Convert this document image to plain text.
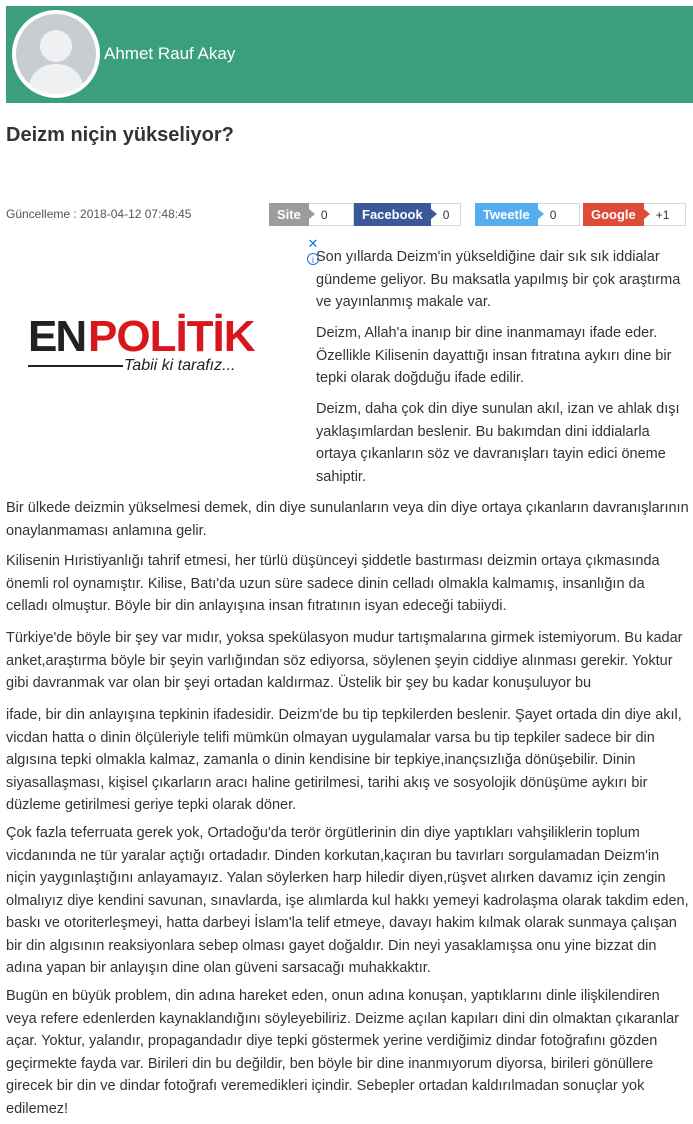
Ahmet Rauf Akay
Deizm niçin yükseliyor?
Güncelleme : 2018-04-12 07:48:45	Site	0	Facebook	0	Tweetle	0	Google	+1
✕
i
EN POLİTİK
Tabii ki tarafız...

Son yıllarda Deizm'in yükseldiğine dair sık sık iddialar gündeme geliyor. Bu maksatla yapılmış bir çok araştırma ve yayınlanmış makale var.

Deizm, Allah'a inanıp bir dine inanmamayı ifade eder. Özellikle Kilisenin dayattığı insan fıtratına aykırı dine bir tepki olarak doğduğu ifade edilir.

Deizm, daha çok din diye sunulan akıl, izan ve ahlak dışı yaklaşımlardan beslenir. Bu bakımdan dini iddialarla ortaya çıkanların söz ve davranışları tayin edici öneme sahiptir.

Bir ülkede deizmin yükselmesi demek, din diye sunulanların veya din diye ortaya çıkanların davranışlarının onaylanmaması anlamına gelir.

Kilisenin Hıristiyanlığı tahrif etmesi, her türlü düşünceyi şiddetle bastırması deizmin ortaya çıkmasında önemli rol oynamıştır. Kilise, Batı'da uzun süre sadece dinin celladı olmakla kalmamış, insanlığın da celladı olmuştur. Böyle bir din anlayışına insan fıtratının isyan edeceği tabiiydi.

Türkiye'de böyle bir şey var mıdır, yoksa spekülasyon mudur tartışmalarına girmek istemiyorum. Bu kadar anket,araştırma böyle bir şeyin varlığından söz ediyorsa, söylenen şeyin ciddiye alınması gerekir. Yoktur gibi davranmak var olan bir şeyi ortadan kaldırmaz. Üstelik bir şey bu kadar konuşuluyor bu

ifade, bir din anlayışına tepkinin ifadesidir. Deizm'de bu tip tepkilerden beslenir. Şayet ortada din diye akıl, vicdan hatta o dinin ölçüleriyle telifi mümkün olmayan uygulamalar varsa bu tip tepkiler sadece bir din algısına tepki olmakla kalmaz, zamanla o dinin kendisine bir tepkiye,inançsızlığa dönüşebilir. Dinin siyasallaşması, kişisel çıkarların aracı haline getirilmesi, tarihi akış ve sosyolojik dönüşüme aykırı bir düzleme getirilmesi geriye tepki olarak döner.

Çok fazla teferruata gerek yok, Ortadoğu'da terör örgütlerinin din diye yaptıkları vahşiliklerin toplum vicdanında ne tür yaralar açtığı ortadadır. Dinden korkutan,kaçıran bu tavırları sorgulamadan Deizm'in niçin yaygınlaştığını anlayamayız. Yalan söylerken harp hiledir diyen,rüşvet alırken davamız için zengin olmalıyız diye kendini savunan, sınavlarda, işe alımlarda kul hakkı yemeyi kadrolaşma olarak takdim eden, baskı ve otoriterleşmeyi, hatta darbeyi İslam'la telif etmeye, davayı hakim kılmak olarak sunmaya çalışan bir din algısının reaksiyonlara sebep olması gayet doğaldır. Din neyi yasaklamışsa onu yine bizzat din adına yapan bir anlayışın dine olan güveni sarsacağı muhakkaktır.

Bugün en büyük problem, din adına hareket eden, onun adına konuşan, yaptıklarını dinle ilişkilendiren veya refere edenlerden kaynaklandığını söyleyebiliriz. Deizme açılan kapıları dini din olmaktan çıkaranlar açar. Yoktur, yalandır, propagandadır diye tepki göstermek yerine verdiğimiz dindar fotoğrafını gözden geçirmekte fayda var. Birileri din bu değildir, ben böyle bir dine inanmıyorum diyorsa, birileri gönüllere girecek bir din ve dindar fotoğrafı veremedikleri içindir. Sebepler ortadan kaldırılmadan sonuçlar yok edilemez!
